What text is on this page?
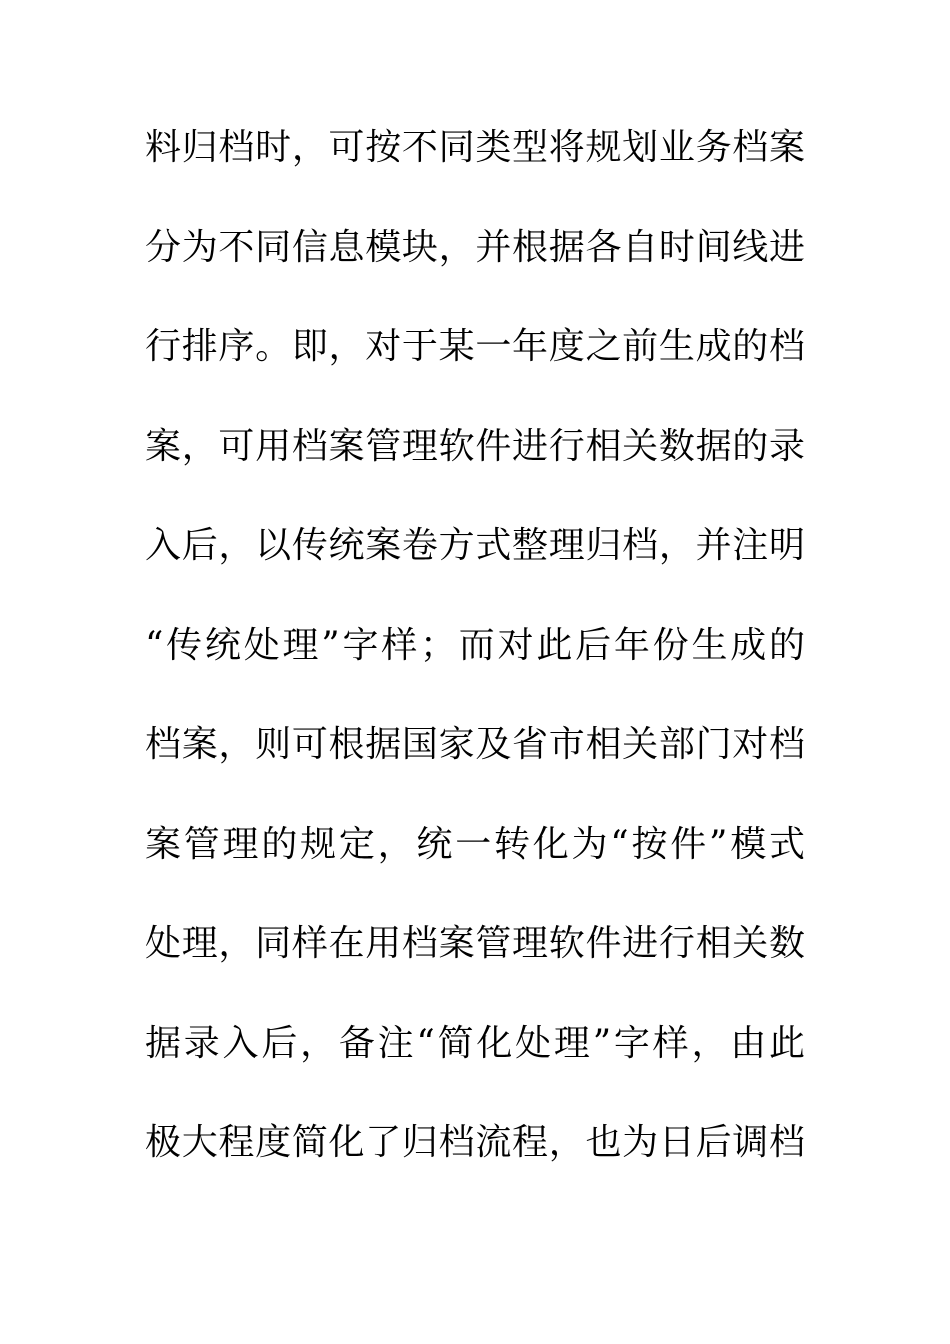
料归档时，可按不同类型将规划业务档案
分为不同信息模块，并根据各自时间线进
行排序。即，对于某一年度之前生成的档
案，可用档案管理软件进行相关数据的录
入后，以传统案卷方式整理归档，并注明
“传统处理”字样；而对此后年份生成的
档案，则可根据国家及省市相关部门对档
案管理的规定，统一转化为“按件”模式
处理，同样在用档案管理软件进行相关数
据录入后，备注“简化处理”字样，由此
极大程度简化了归档流程，也为日后调档
